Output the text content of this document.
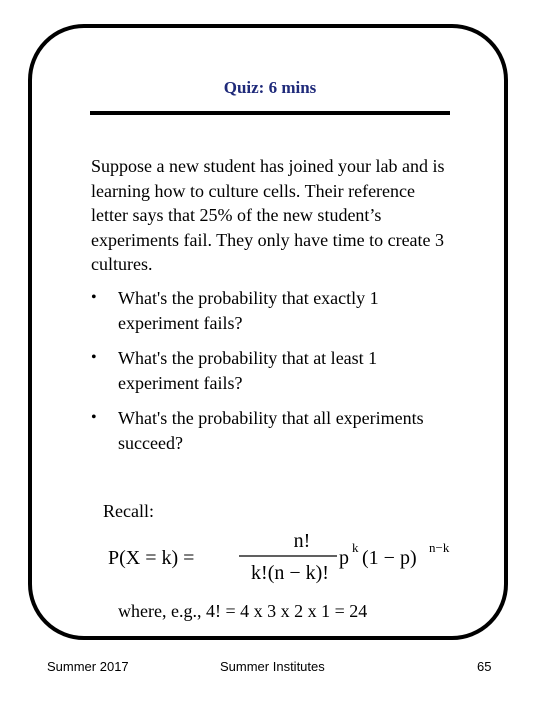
Quiz: 6 mins

Suppose a new student has joined your lab and is learning how to culture cells. Their reference letter says that 25% of the new student’s experiments fail. They only have time to create 3 cultures.

• What's the probability that exactly 1 experiment fails?
• What's the probability that at least 1 experiment fails?
• What's the probability that all experiments succeed?
Recall:
P(X = k) =
n!
k!(n − k)!
p k (1 − p) n−k
where, e.g., 4! = 4 x 3 x 2 x 1 = 24
Summer 2017	Summer Institutes	65
